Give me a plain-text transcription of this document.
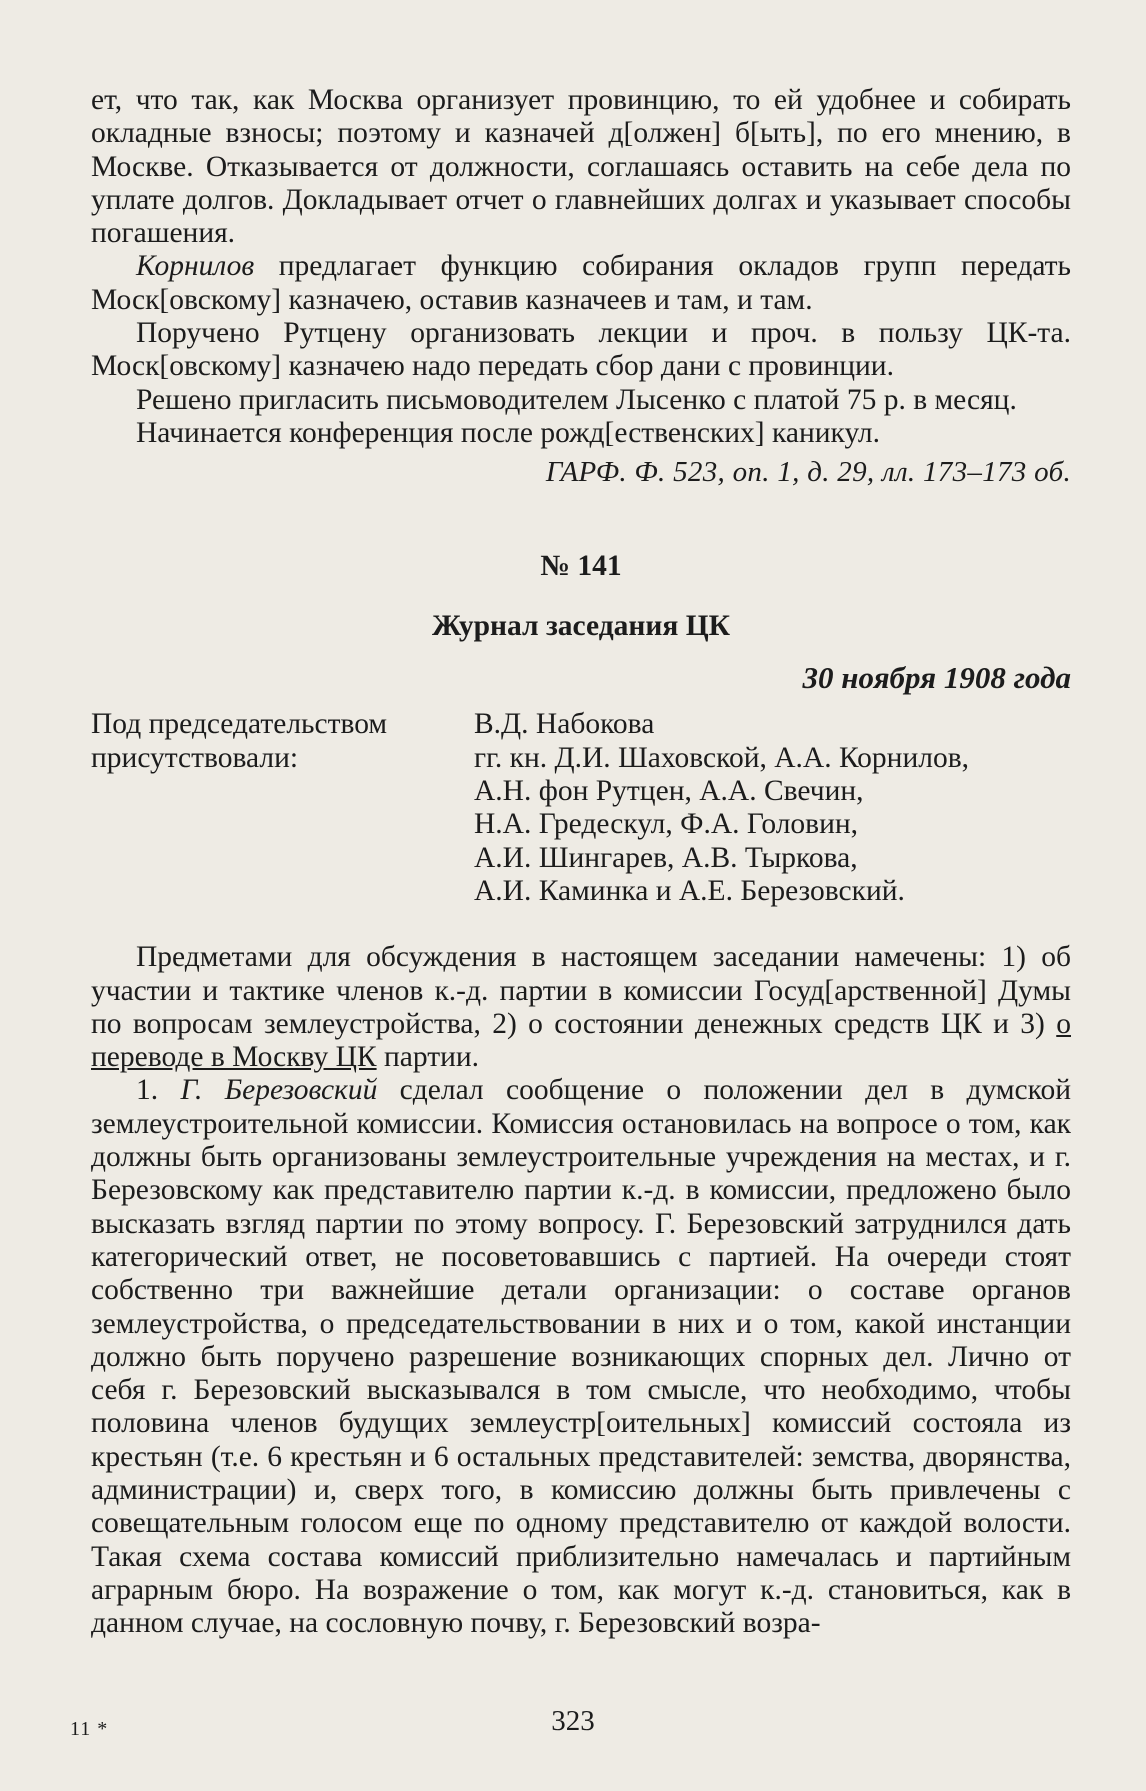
ет, что так, как Москва организует провинцию, то ей удобнее и собирать окладные взносы; поэтому и казначей д[олжен] б[ыть], по его мнению, в Москве. Отказывается от должности, соглашаясь оставить на себе дела по уплате долгов. Докладывает отчет о главнейших долгах и указывает способы погашения.

Корнилов предлагает функцию собирания окладов групп передать Моск[овскому] казначею, оставив казначеев и там, и там.

Поручено Рутцену организовать лекции и проч. в пользу ЦК-та. Моск[овскому] казначею надо передать сбор дани с провинции.

Решено пригласить письмоводителем Лысенко с платой 75 р. в месяц.

Начинается конференция после рожд[ественских] каникул.

ГАРФ. Ф. 523, оп. 1, д. 29, лл. 173–173 об.

№ 141
Журнал заседания ЦК
30 ноября 1908 года
Под председательством	В.Д. Набокова
присутствовали:	гг. кн. Д.И. Шаховской, А.А. Корнилов,
А.Н. фон Рутцен, А.А. Свечин,
Н.А. Гредескул, Ф.А. Головин,
А.И. Шингарев, А.В. Тыркова,
А.И. Каминка и А.Е. Березовский.

Предметами для обсуждения в настоящем заседании намечены: 1) об участии и тактике членов к.-д. партии в комиссии Госуд[арственной] Думы по вопросам землеустройства, 2) о состоянии денежных средств ЦК и 3) о переводе в Москву ЦК партии.

1. Г. Березовский сделал сообщение о положении дел в думской землеустроительной комиссии. Комиссия остановилась на вопросе о том, как должны быть организованы землеустроительные учреждения на местах, и г. Березовскому как представителю партии к.-д. в комиссии, предложено было высказать взгляд партии по этому вопросу. Г. Березовский затруднился дать категорический ответ, не посоветовавшись с партией. На очереди стоят собственно три важнейшие детали организации: о составе органов землеустройства, о председательствовании в них и о том, какой инстанции должно быть поручено разрешение возникающих спорных дел. Лично от себя г. Березовский высказывался в том смысле, что необходимо, чтобы половина членов будущих землеустр[оительных] комиссий состояла из крестьян (т.е. 6 крестьян и 6 остальных представителей: земства, дворянства, администрации) и, сверх того, в комиссию должны быть привлечены с совещательным голосом еще по одному представителю от каждой волости. Такая схема состава комиссий приблизительно намечалась и партийным аграрным бюро. На возражение о том, как могут к.-д. становиться, как в данном случае, на сословную почву, г. Березовский возра-

11 *	323
